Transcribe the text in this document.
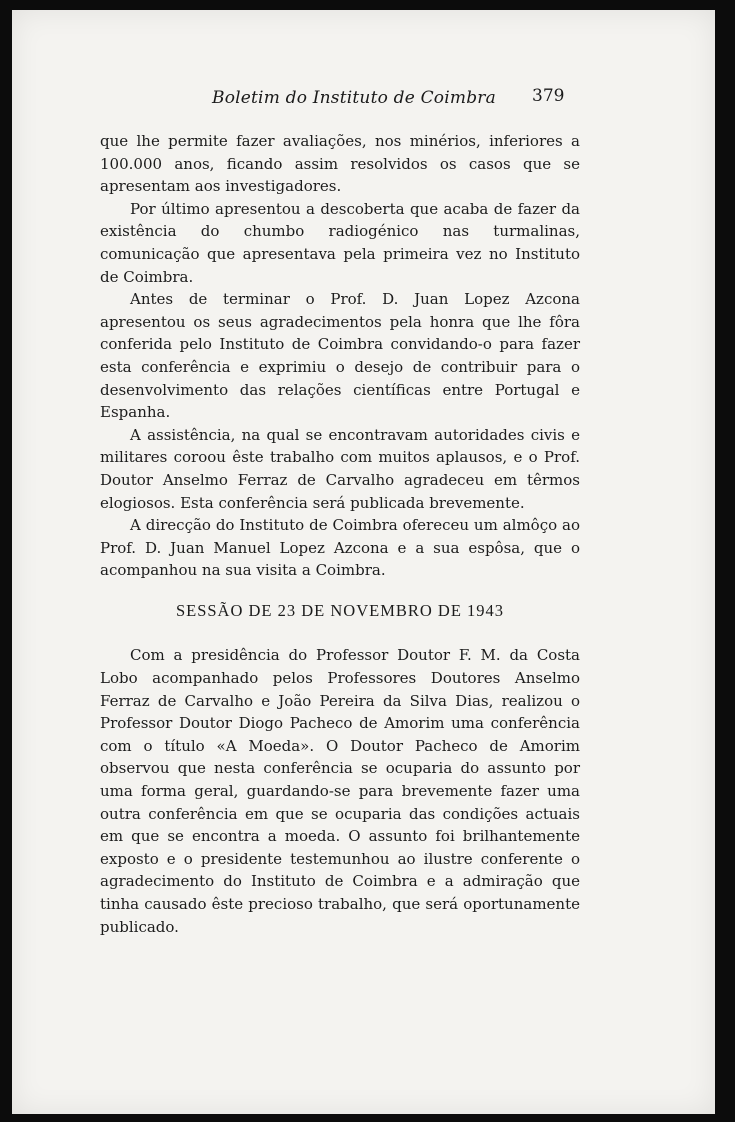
Boletim do Instituto de Coimbra 379

que lhe permite fazer avaliações, nos minérios, inferiores a 100.000 anos, ficando assim resolvidos os casos que se apresentam aos investigadores.

Por último apresentou a descoberta que acaba de fazer da existência do chumbo radiogénico nas turmalinas, comunicação que apresentava pela primeira vez no Instituto de Coimbra.

Antes de terminar o Prof. D. Juan Lopez Azcona apresentou os seus agradecimentos pela honra que lhe fôra conferida pelo Instituto de Coimbra convidando-o para fazer esta conferência e exprimiu o desejo de contribuir para o desenvolvimento das relações científicas entre Portugal e Espanha.

A assistência, na qual se encontravam autoridades civis e militares coroou êste trabalho com muitos aplausos, e o Prof. Doutor Anselmo Ferraz de Carvalho agradeceu em têrmos elogiosos. Esta conferência será publicada brevemente.

A direcção do Instituto de Coimbra ofereceu um almôço ao Prof. D. Juan Manuel Lopez Azcona e a sua espôsa, que o acompanhou na sua visita a Coimbra.

SESSÃO DE 23 DE NOVEMBRO DE 1943

Com a presidência do Professor Doutor F. M. da Costa Lobo acompanhado pelos Professores Doutores Anselmo Ferraz de Carvalho e João Pereira da Silva Dias, realizou o Professor Doutor Diogo Pacheco de Amorim uma conferência com o título «A Moeda». O Doutor Pacheco de Amorim observou que nesta conferência se ocuparia do assunto por uma forma geral, guardando-se para brevemente fazer uma outra conferência em que se ocuparia das condições actuais em que se encontra a moeda. O assunto foi brilhantemente exposto e o presidente testemunhou ao ilustre conferente o agradecimento do Instituto de Coimbra e a admiração que tinha causado êste precioso trabalho, que será oportunamente publicado.
